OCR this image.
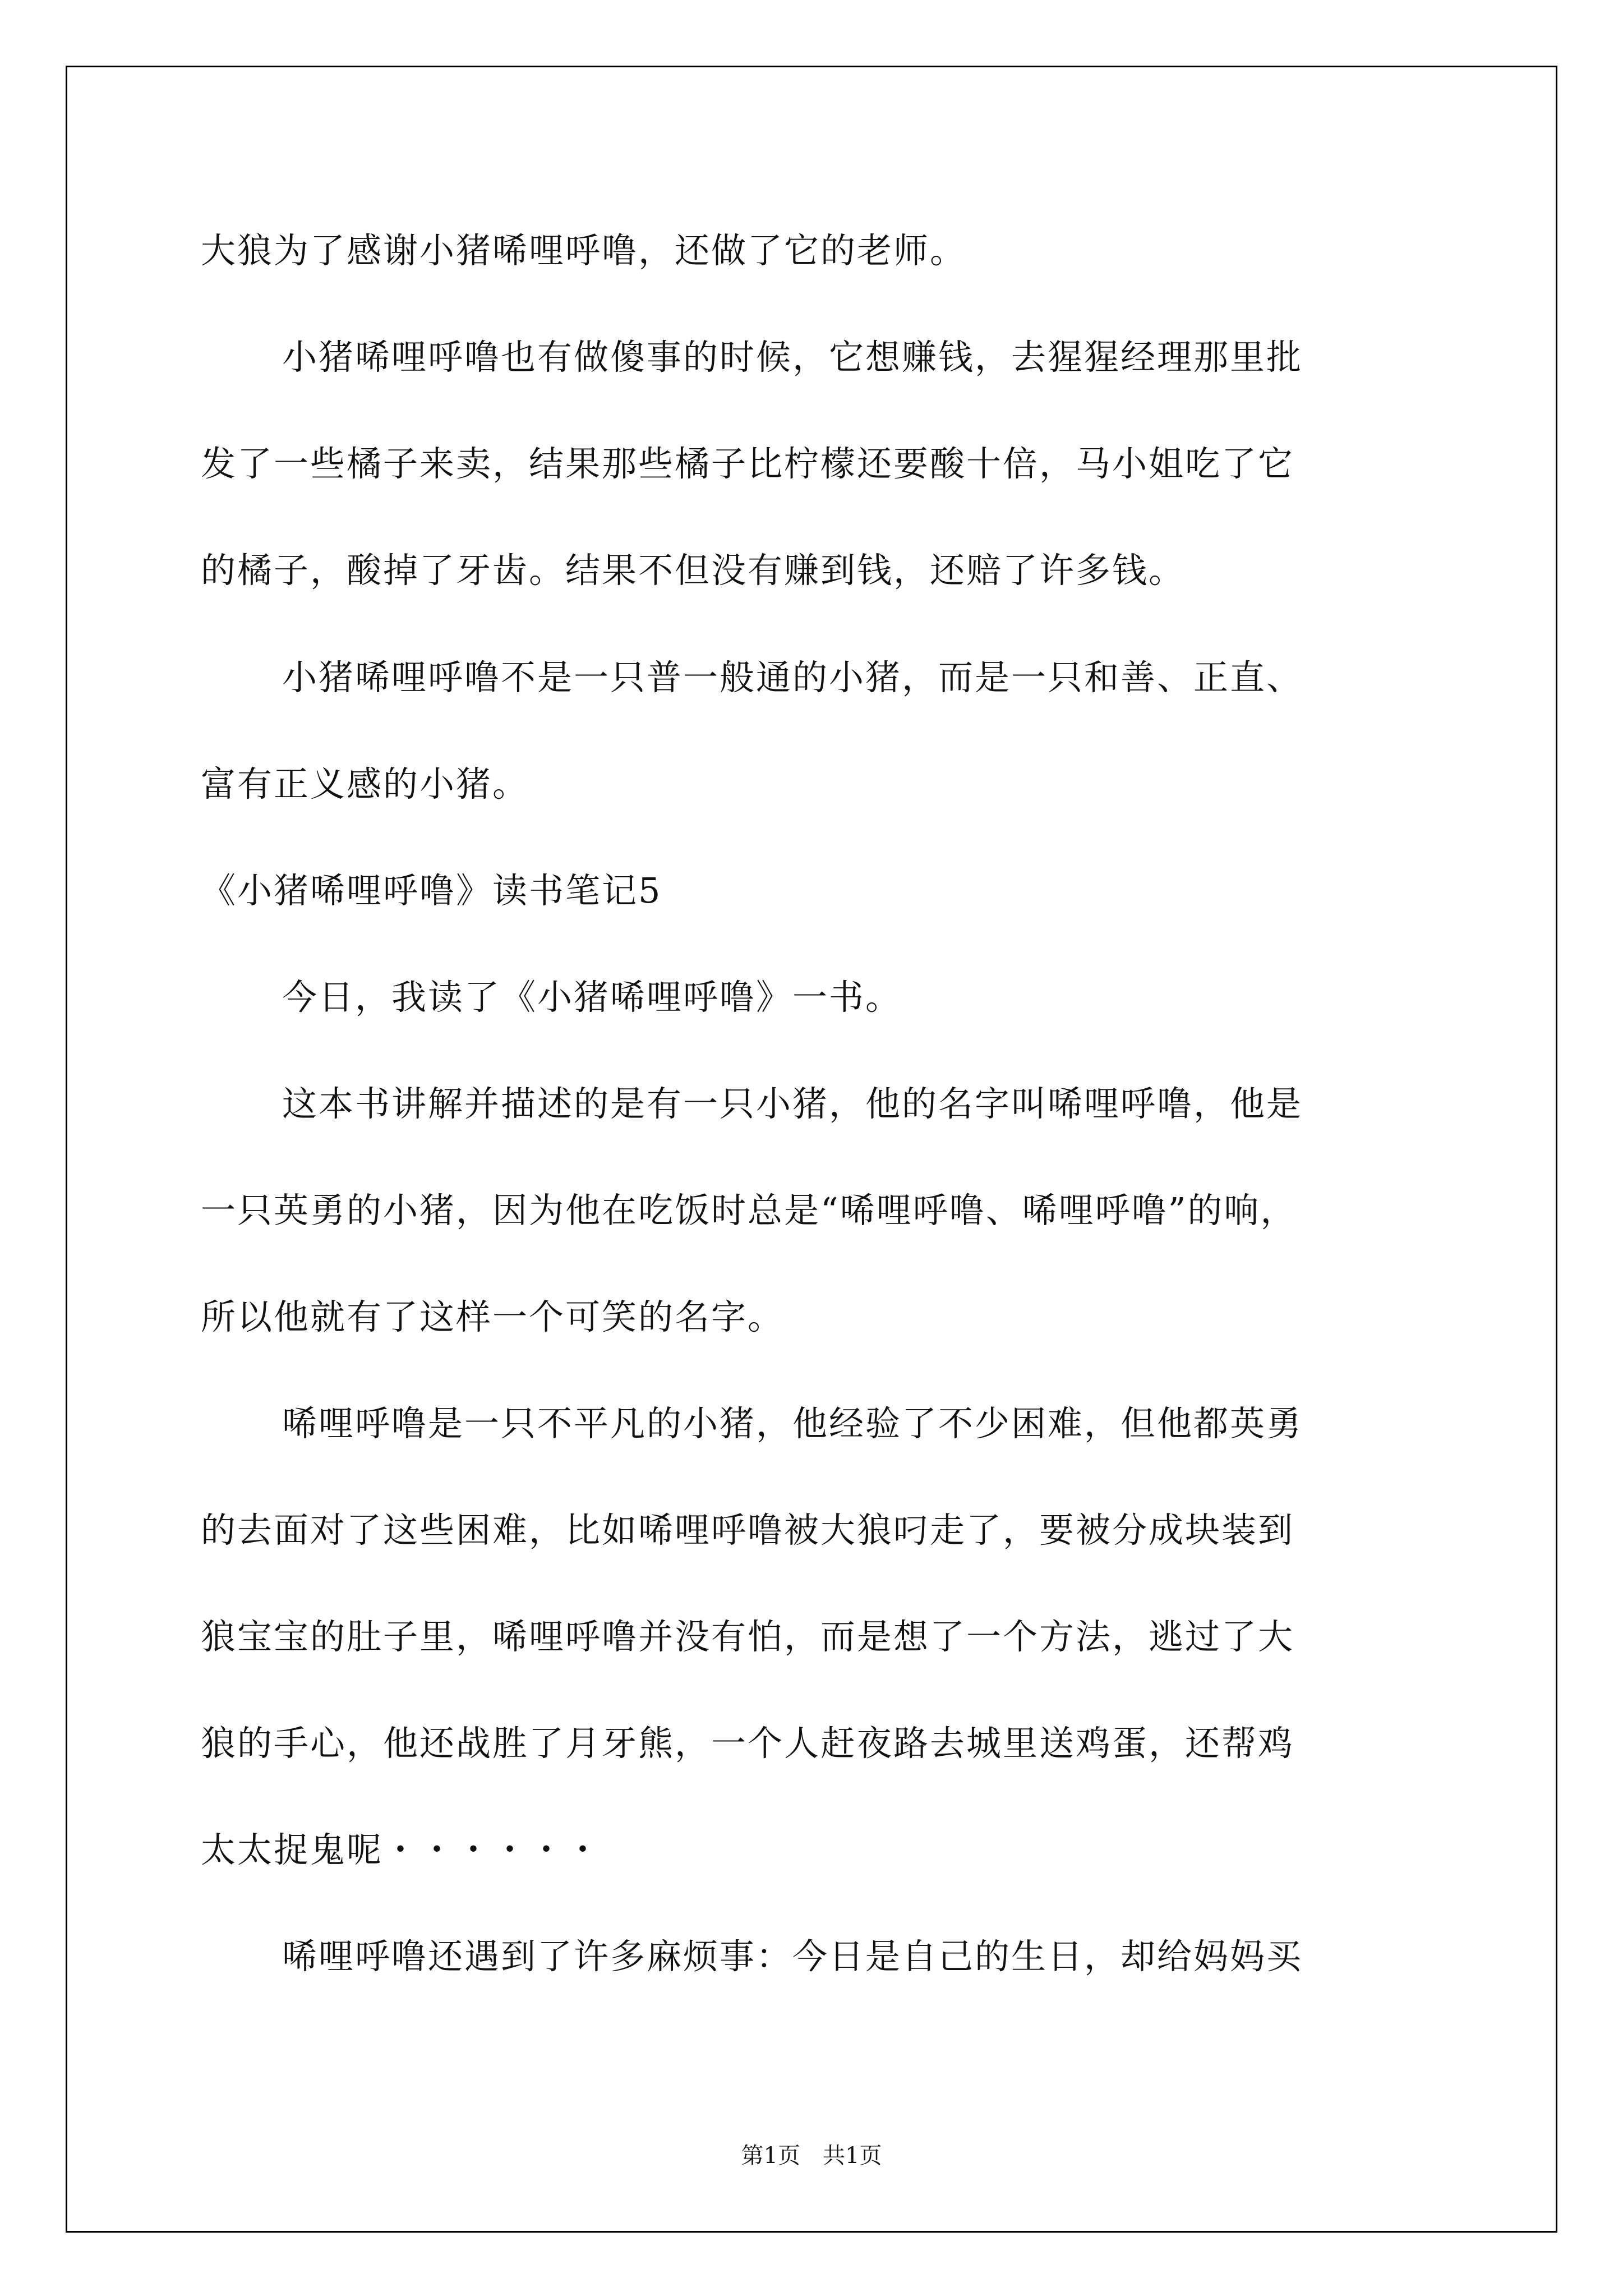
大狼为了感谢小猪唏哩呼噜，还做了它的老师。
小猪唏哩呼噜也有做傻事的时候，它想赚钱，去猩猩经理那里批
发了一些橘子来卖，结果那些橘子比柠檬还要酸十倍，马小姐吃了它
的橘子，酸掉了牙齿。结果不但没有赚到钱，还赔了许多钱。
小猪唏哩呼噜不是一只普一般通的小猪，而是一只和善、正直、
富有正义感的小猪。
《小猪唏哩呼噜》读书笔记5
今日，我读了《小猪唏哩呼噜》一书。
这本书讲解并描述的是有一只小猪，他的名字叫唏哩呼噜，他是
一只英勇的小猪，因为他在吃饭时总是“唏哩呼噜、唏哩呼噜”的响，
所以他就有了这样一个可笑的名字。
唏哩呼噜是一只不平凡的小猪，他经验了不少困难，但他都英勇
的去面对了这些困难，比如唏哩呼噜被大狼叼走了，要被分成块装到
狼宝宝的肚子里，唏哩呼噜并没有怕，而是想了一个方法，逃过了大
狼的手心，他还战胜了月牙熊，一个人赶夜路去城里送鸡蛋，还帮鸡
太太捉鬼呢・・・・・・
唏哩呼噜还遇到了许多麻烦事：今日是自己的生日，却给妈妈买
第1页　共1页
